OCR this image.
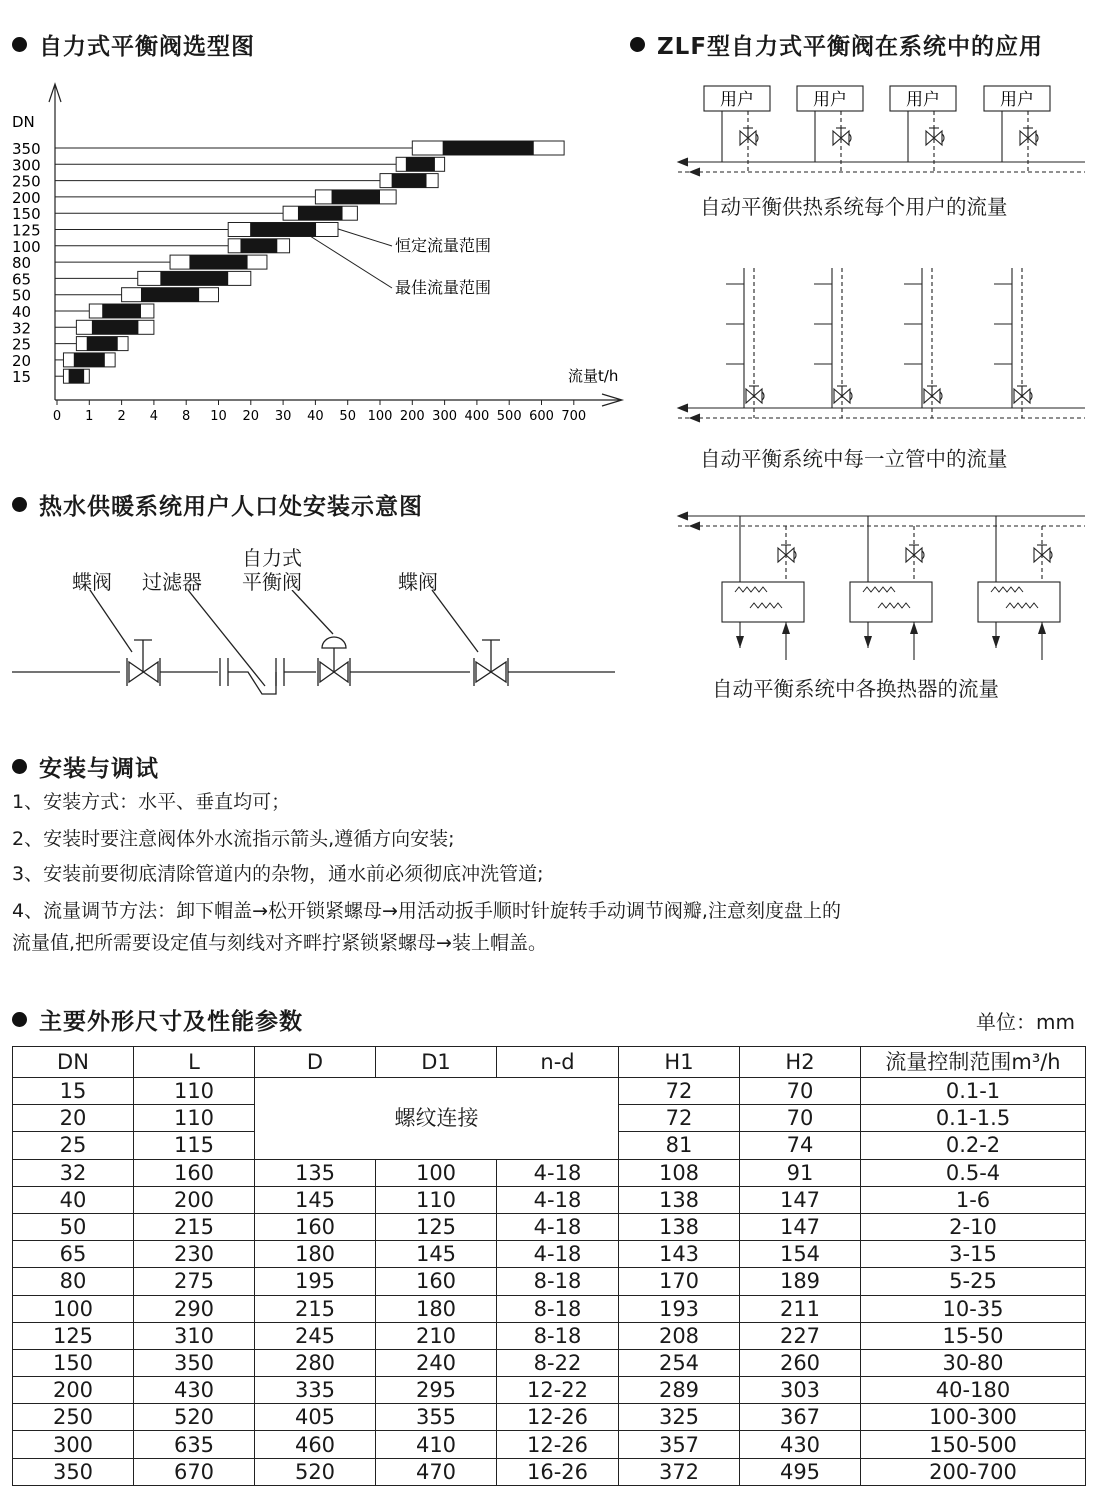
自力式平衡阀选型图
DN
流量t/h
恒定流量范围
最佳流量范围
350
300
250
200
150
125
100
80
65
50
40
32
25
20
15
0 1 2 4 8 10 20 30 40 50 100 200 300 400 500 600 700
热水供暖系统用户人口处安装示意图
蝶阀 过滤器
自力式
平衡阀	蝶阀
ZLF型自力式平衡阀在系统中的应用
用户	用户	用户	用户
自动平衡供热系统每个用户的流量
自动平衡系统中每一立管中的流量
自动平衡系统中各换热器的流量
安装与调试
1、安装方式：水平、垂直均可；
2、安装时要注意阀体外水流指示箭头,遵循方向安装;
3、安装前要彻底清除管道内的杂物，通水前必须彻底冲洗管道;
4、流量调节方法：卸下帽盖→松开锁紧螺母→用活动扳手顺时针旋转手动调节阀瓣,注意刻度盘上的
流量值,把所需要设定值与刻线对齐畔拧紧锁紧螺母→装上帽盖。
主要外形尺寸及性能参数	单位：mm
DN	L	D	D1	n-d	H1	H2	流量控制范围m³/h
15	110	螺纹连接			72	70	0.1-1
20	110				72	70	0.1-1.5
25	115				81	74	0.2-2
32	160	135	100	4-18	108	91	0.5-4
40	200	145	110	4-18	138	147	1-6
50	215	160	125	4-18	138	147	2-10
65	230	180	145	4-18	143	154	3-15
80	275	195	160	8-18	170	189	5-25
100	290	215	180	8-18	193	211	10-35
125	310	245	210	8-18	208	227	15-50
150	350	280	240	8-22	254	260	30-80
200	430	335	295	12-22	289	303	40-180
250	520	405	355	12-26	325	367	100-300
300	635	460	410	12-26	357	430	150-500
350	670	520	470	16-26	372	495	200-700
